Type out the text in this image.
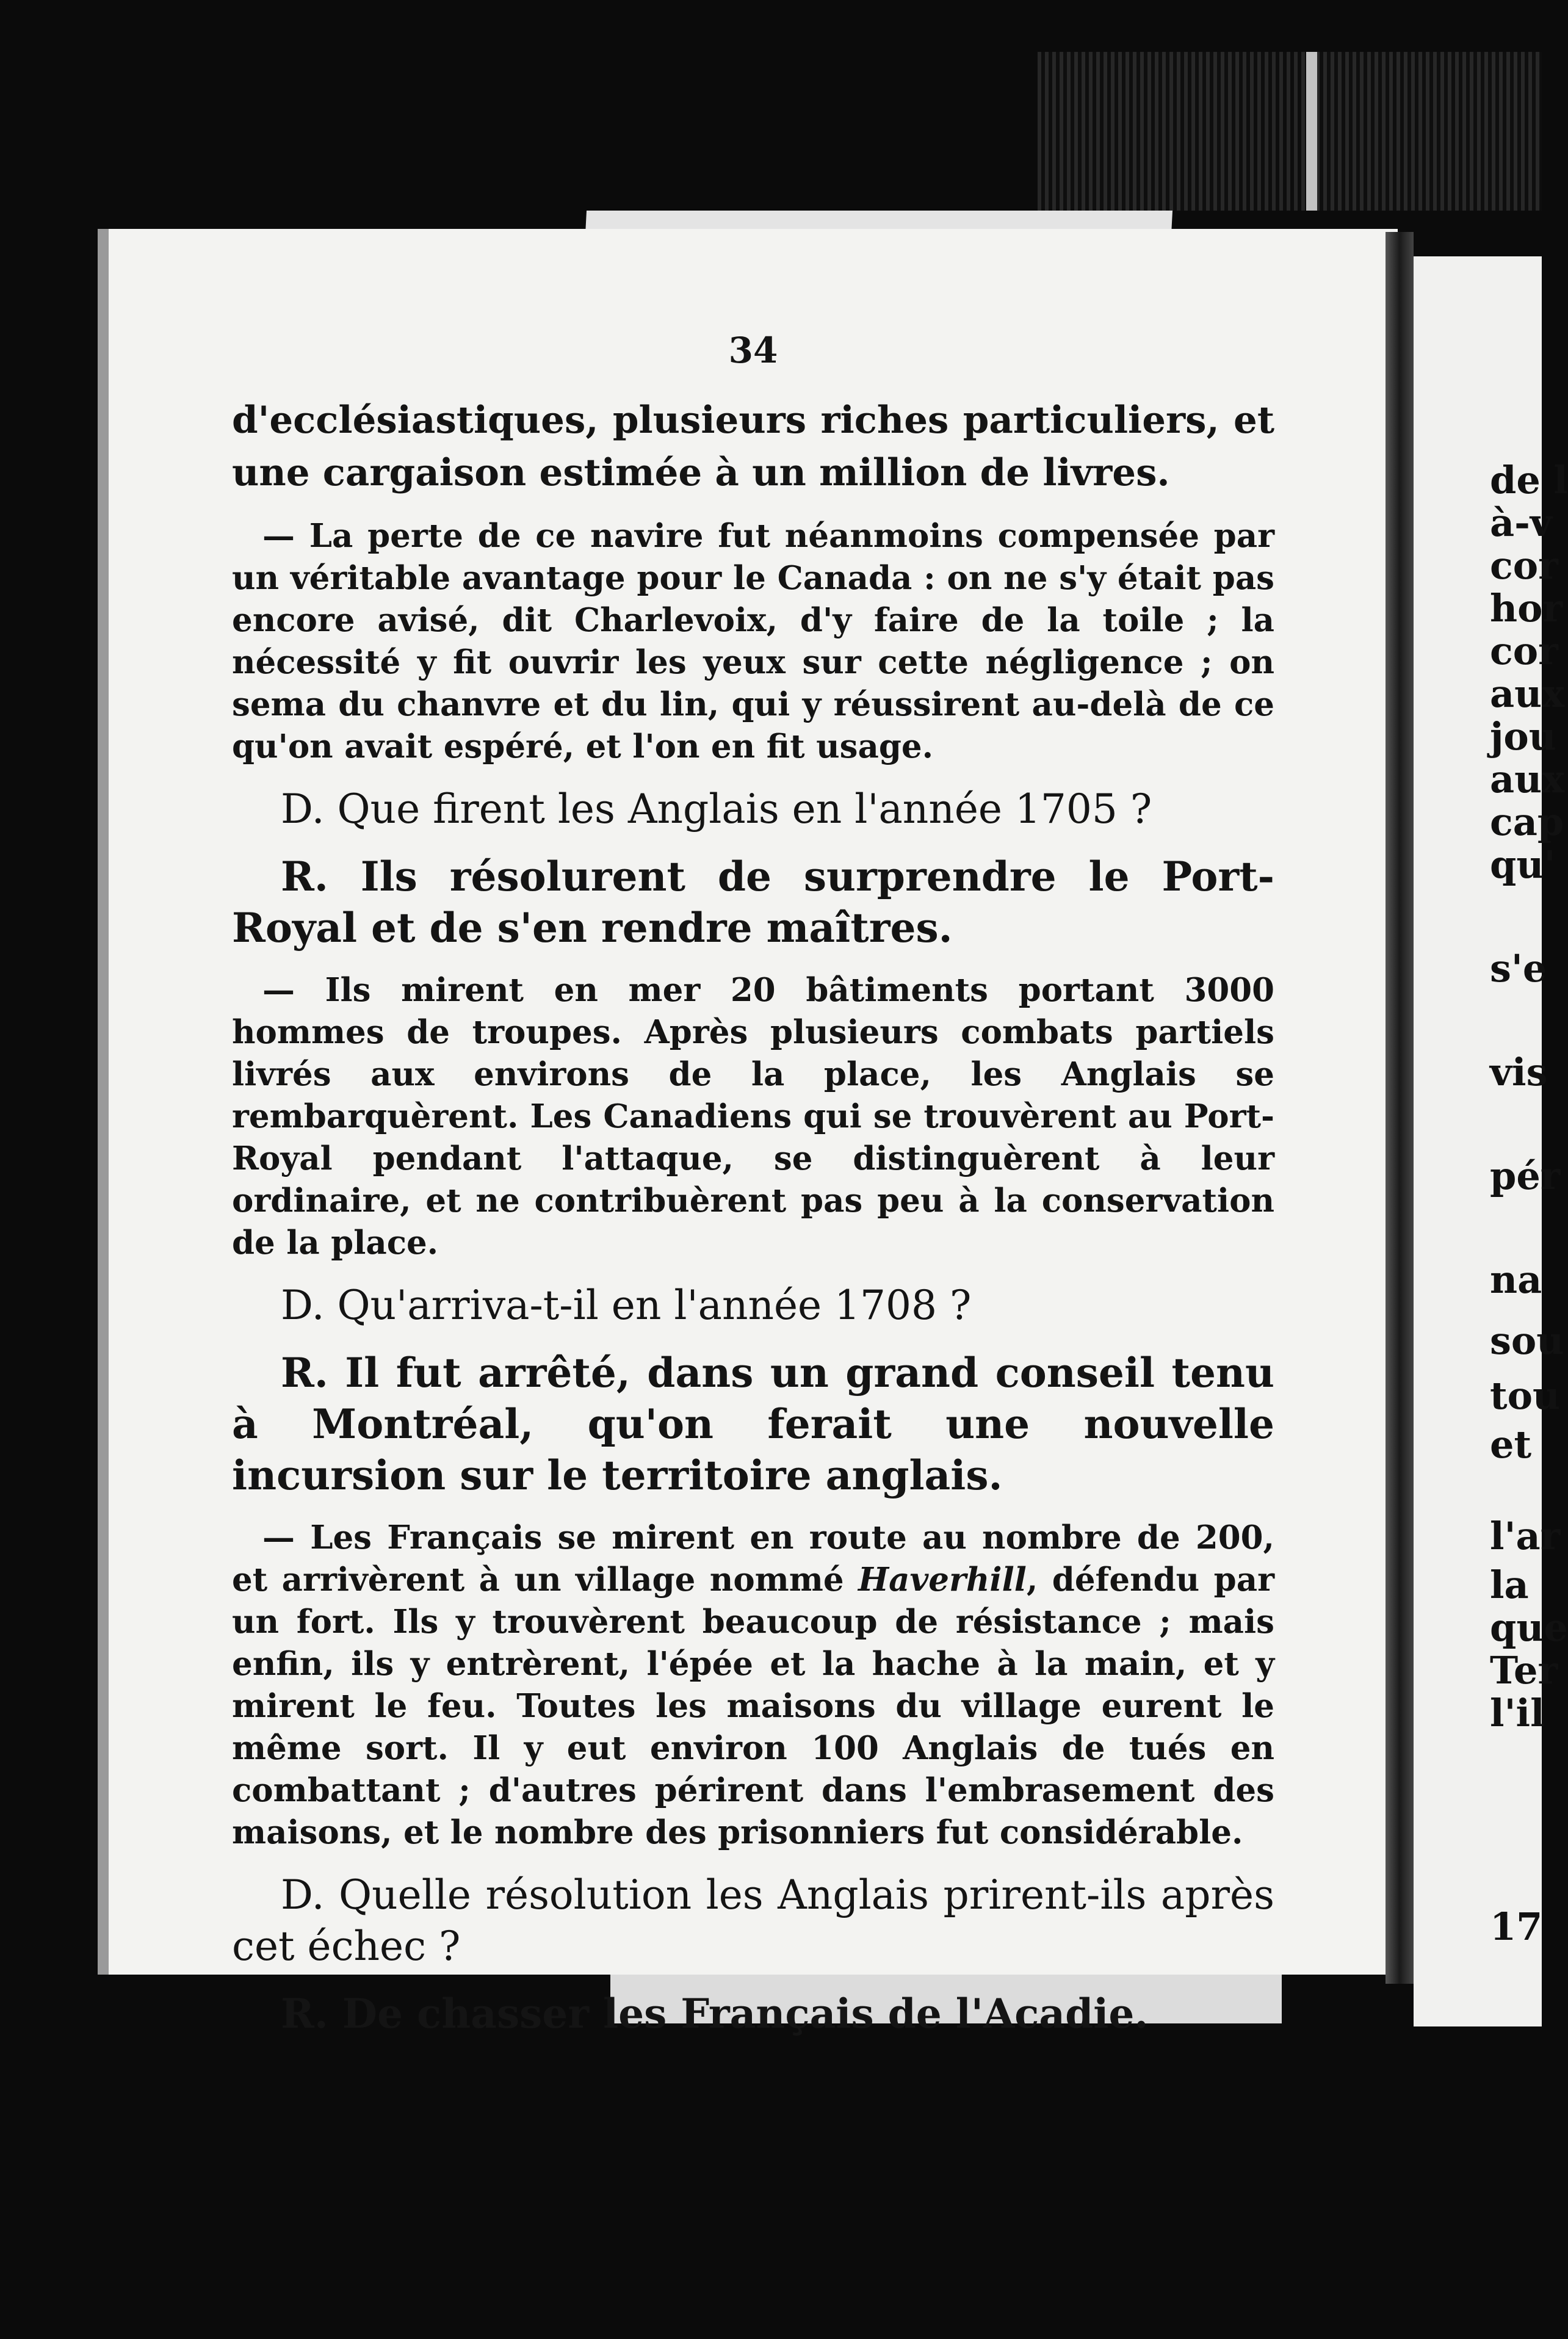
de l
à-v
cor
hor
cor
aux
jou
aux
cap
qu'
s'e
vis
pér
na
sou
tou
et
l'ar
la
que
Ter
l'il
17
34

d'ecclésiastiques, plusieurs riches particuliers, et une cargaison estimée à un million de livres.

— La perte de ce navire fut néanmoins compensée par un véritable avantage pour le Canada : on ne s'y était pas encore avisé, dit Charlevoix, d'y faire de la toile ; la nécessité y fit ouvrir les yeux sur cette négligence ; on sema du chanvre et du lin, qui y réussirent au-delà de ce qu'on avait espéré, et l'on en fit usage.

D. Que firent les Anglais en l'année 1705 ?

R. Ils résolurent de surprendre le Port-Royal et de s'en rendre maîtres.

— Ils mirent en mer 20 bâtiments portant 3000 hommes de troupes. Après plusieurs combats partiels livrés aux environs de la place, les Anglais se rembarquèrent. Les Canadiens qui se trouvèrent au Port-Royal pendant l'attaque, se distinguèrent à leur ordinaire, et ne contribuèrent pas peu à la conservation de la place.

D. Qu'arriva-t-il en l'année 1708 ?

R. Il fut arrêté, dans un grand conseil tenu à Montréal, qu'on ferait une nouvelle incursion sur le territoire anglais.

— Les Français se mirent en route au nombre de 200, et arrivèrent à un village nommé Haverhill, défendu par un fort. Ils y trouvèrent beaucoup de résistance ; mais enfin, ils y entrèrent, l'épée et la hache à la main, et y mirent le feu. Toutes les maisons du village eurent le même sort. Il y eut environ 100 Anglais de tués en combattant ; d'autres périrent dans l'embrasement des maisons, et le nombre des prisonniers fut considérable.

D. Quelle résolution les Anglais prirent-ils après cet échec ?

R. De chasser les Français de l'Acadie.
